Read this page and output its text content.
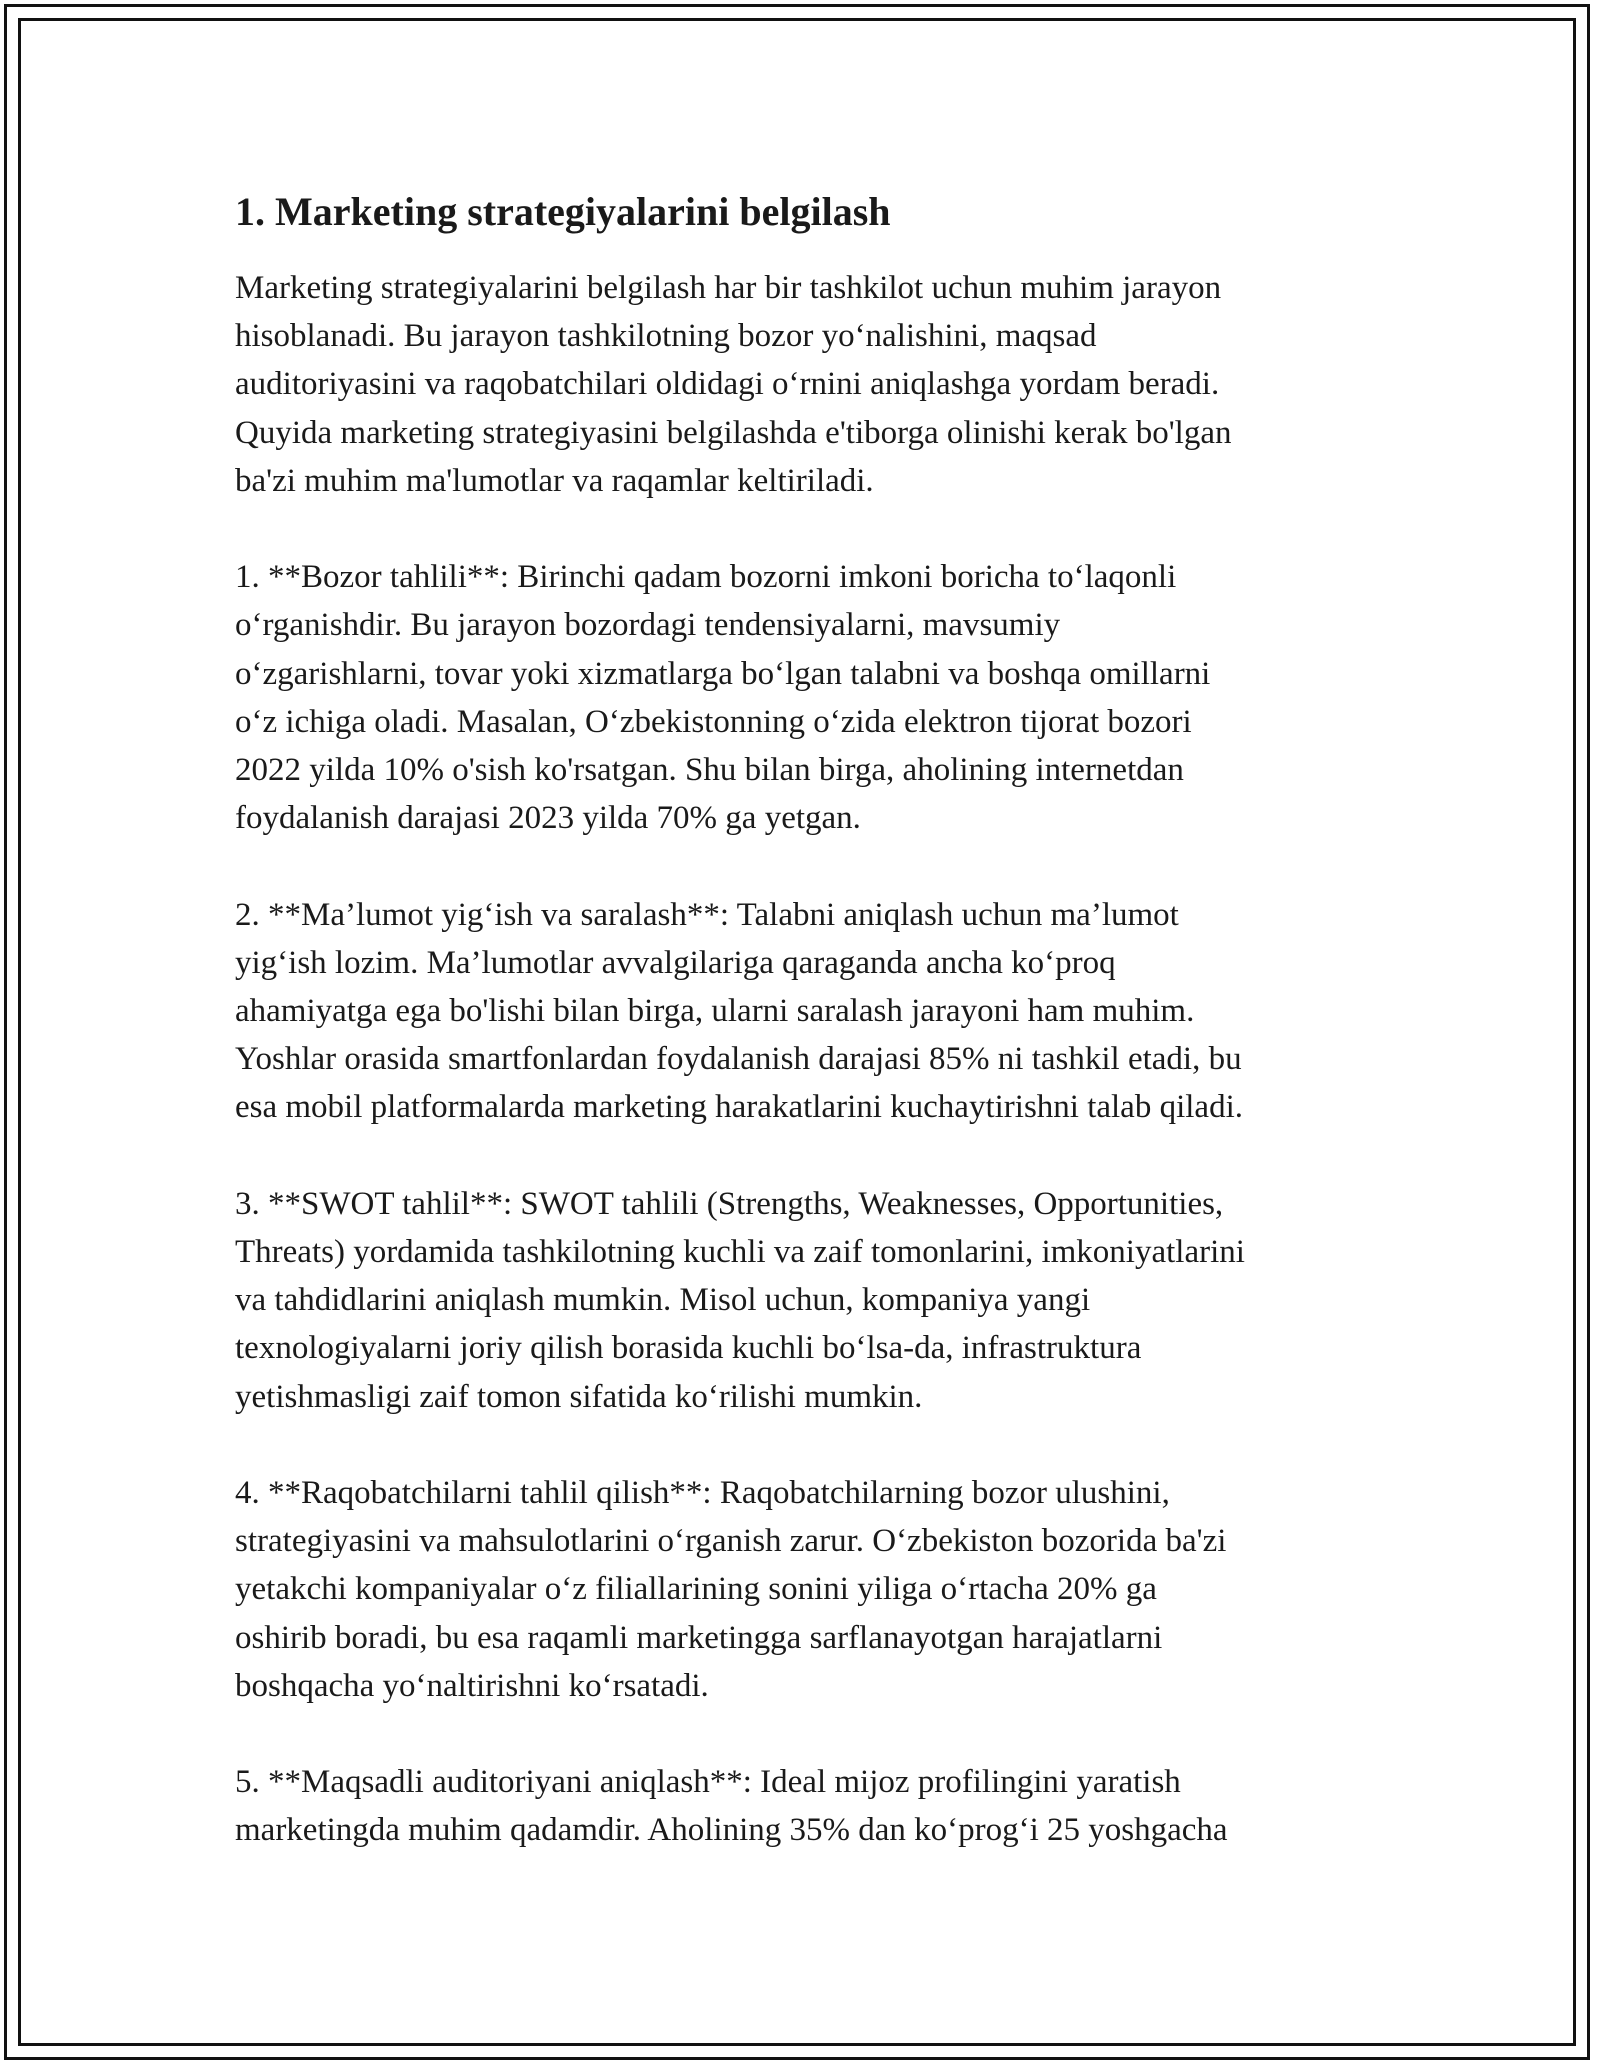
1. Marketing strategiyalarini belgilash

Marketing strategiyalarini belgilash har bir tashkilot uchun muhim jarayon
hisoblanadi. Bu jarayon tashkilotning bozor yo‘nalishini, maqsad
auditoriyasini va raqobatchilari oldidagi o‘rnini aniqlashga yordam beradi.
Quyida marketing strategiyasini belgilashda e'tiborga olinishi kerak bo'lgan
ba'zi muhim ma'lumotlar va raqamlar keltiriladi.

1. **Bozor tahlili**: Birinchi qadam bozorni imkoni boricha to‘laqonli
o‘rganishdir. Bu jarayon bozordagi tendensiyalarni, mavsumiy
o‘zgarishlarni, tovar yoki xizmatlarga bo‘lgan talabni va boshqa omillarni
o‘z ichiga oladi. Masalan, O‘zbekistonning o‘zida elektron tijorat bozori
2022 yilda 10% o'sish ko'rsatgan. Shu bilan birga, aholining internetdan
foydalanish darajasi 2023 yilda 70% ga yetgan.

2. **Ma’lumot yig‘ish va saralash**: Talabni aniqlash uchun ma’lumot
yig‘ish lozim. Ma’lumotlar avvalgilariga qaraganda ancha ko‘proq
ahamiyatga ega bo'lishi bilan birga, ularni saralash jarayoni ham muhim.
Yoshlar orasida smartfonlardan foydalanish darajasi 85% ni tashkil etadi, bu
esa mobil platformalarda marketing harakatlarini kuchaytirishni talab qiladi.

3. **SWOT tahlil**: SWOT tahlili (Strengths, Weaknesses, Opportunities,
Threats) yordamida tashkilotning kuchli va zaif tomonlarini, imkoniyatlarini
va tahdidlarini aniqlash mumkin. Misol uchun, kompaniya yangi
texnologiyalarni joriy qilish borasida kuchli bo‘lsa-da, infrastruktura
yetishmasligi zaif tomon sifatida ko‘rilishi mumkin.

4. **Raqobatchilarni tahlil qilish**: Raqobatchilarning bozor ulushini,
strategiyasini va mahsulotlarini o‘rganish zarur. O‘zbekiston bozorida ba'zi
yetakchi kompaniyalar o‘z filiallarining sonini yiliga o‘rtacha 20% ga
oshirib boradi, bu esa raqamli marketingga sarflanayotgan harajatlarni
boshqacha yo‘naltirishni ko‘rsatadi.

5. **Maqsadli auditoriyani aniqlash**: Ideal mijoz profilingini yaratish
marketingda muhim qadamdir. Aholining 35% dan ko‘prog‘i 25 yoshgacha
